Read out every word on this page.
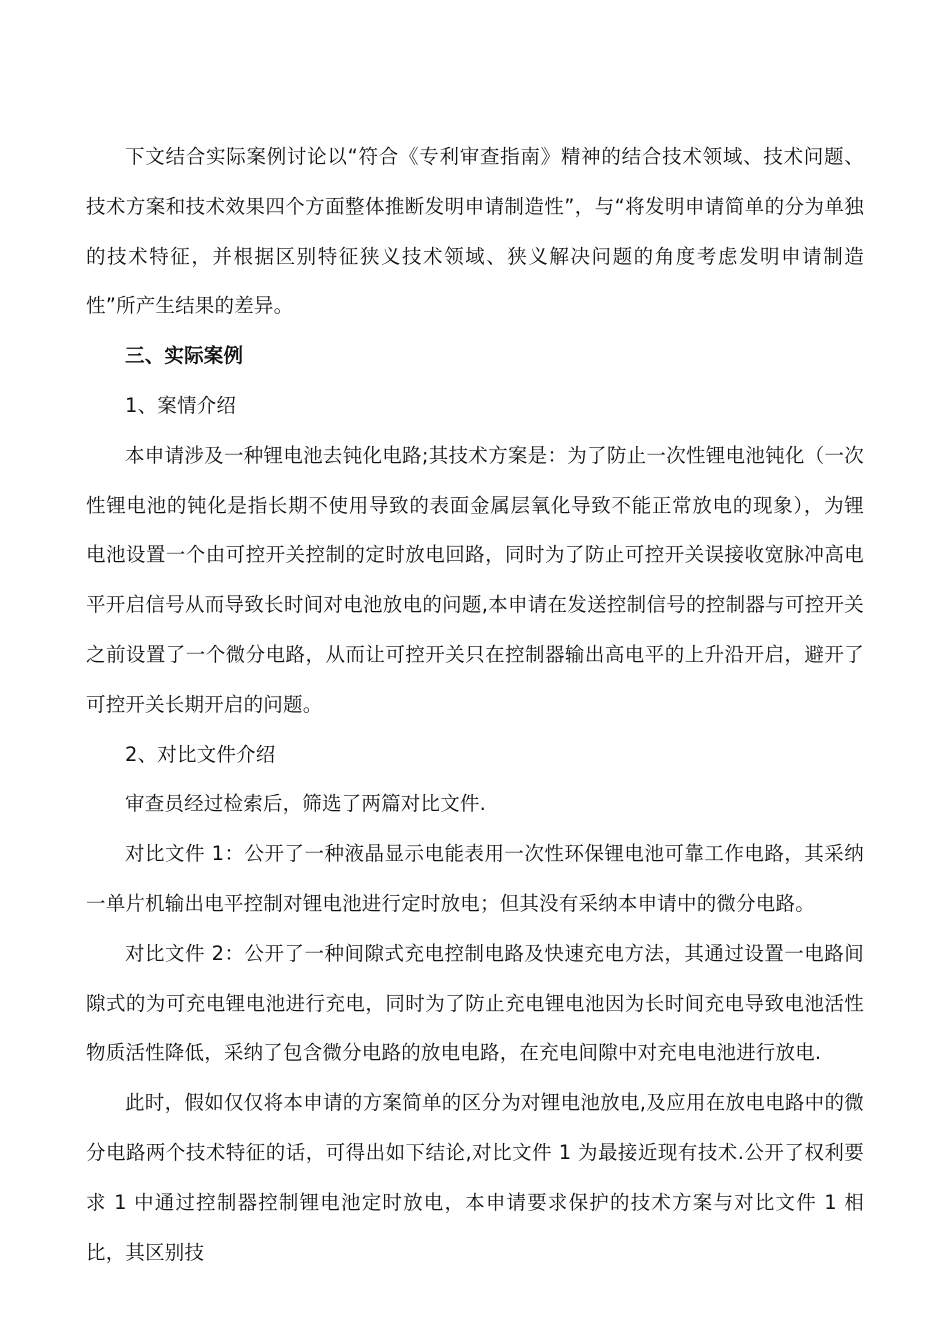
下文结合实际案例讨论以“符合《专利审查指南》精神的结合技术领域、技术问题、技术方案和技术效果四个方面整体推断发明申请制造性”，与“将发明申请简单的分为单独的技术特征，并根据区别特征狭义技术领域、狭义解决问题的角度考虑发明申请制造性”所产生结果的差异。

三、实际案例

1、案情介绍

本申请涉及一种锂电池去钝化电路;其技术方案是：为了防止一次性锂电池钝化（一次性锂电池的钝化是指长期不使用导致的表面金属层氧化导致不能正常放电的现象），为锂电池设置一个由可控开关控制的定时放电回路，同时为了防止可控开关误接收宽脉冲高电平开启信号从而导致长时间对电池放电的问题,本申请在发送控制信号的控制器与可控开关之前设置了一个微分电路，从而让可控开关只在控制器输出高电平的上升沿开启，避开了可控开关长期开启的问题。

2、对比文件介绍

审查员经过检索后，筛选了两篇对比文件.

对比文件 1：公开了一种液晶显示电能表用一次性环保锂电池可靠工作电路，其采纳一单片机输出电平控制对锂电池进行定时放电；但其没有采纳本申请中的微分电路。

对比文件 2：公开了一种间隙式充电控制电路及快速充电方法，其通过设置一电路间隙式的为可充电锂电池进行充电，同时为了防止充电锂电池因为长时间充电导致电池活性物质活性降低，采纳了包含微分电路的放电电路，在充电间隙中对充电电池进行放电.

此时，假如仅仅将本申请的方案简单的区分为对锂电池放电,及应用在放电电路中的微分电路两个技术特征的话，可得出如下结论,对比文件 1 为最接近现有技术.公开了权利要求 1 中通过控制器控制锂电池定时放电，本申请要求保护的技术方案与对比文件 1 相比，其区别技
